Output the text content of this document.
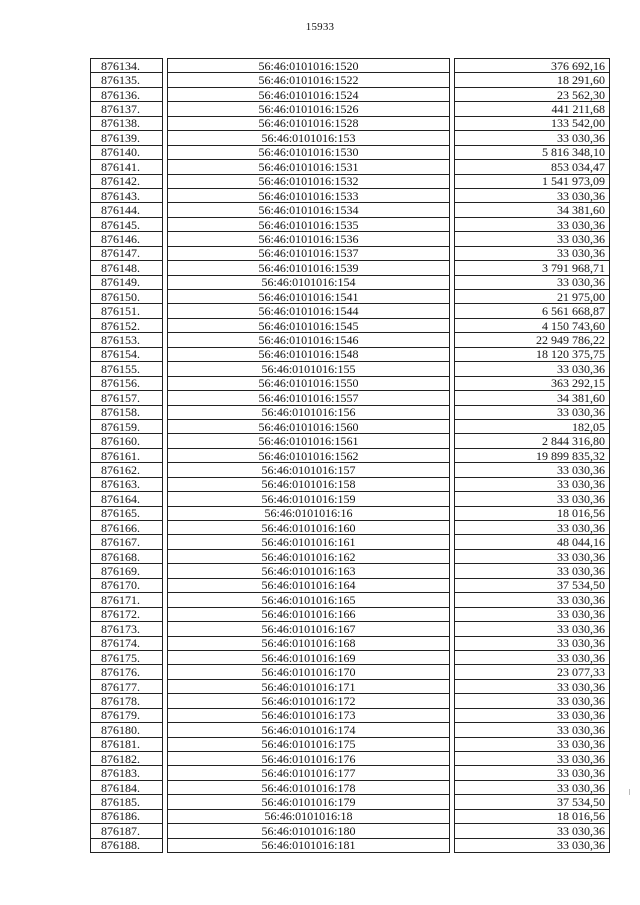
15933
876134.		56:46:0101016:1520		376 692,16
876135.		56:46:0101016:1522		18 291,60
876136.		56:46:0101016:1524		23 562,30
876137.		56:46:0101016:1526		441 211,68
876138.		56:46:0101016:1528		133 542,00
876139.		56:46:0101016:153		33 030,36
876140.		56:46:0101016:1530		5 816 348,10
876141.		56:46:0101016:1531		853 034,47
876142.		56:46:0101016:1532		1 541 973,09
876143.		56:46:0101016:1533		33 030,36
876144.		56:46:0101016:1534		34 381,60
876145.		56:46:0101016:1535		33 030,36
876146.		56:46:0101016:1536		33 030,36
876147.		56:46:0101016:1537		33 030,36
876148.		56:46:0101016:1539		3 791 968,71
876149.		56:46:0101016:154		33 030,36
876150.		56:46:0101016:1541		21 975,00
876151.		56:46:0101016:1544		6 561 668,87
876152.		56:46:0101016:1545		4 150 743,60
876153.		56:46:0101016:1546		22 949 786,22
876154.		56:46:0101016:1548		18 120 375,75
876155.		56:46:0101016:155		33 030,36
876156.		56:46:0101016:1550		363 292,15
876157.		56:46:0101016:1557		34 381,60
876158.		56:46:0101016:156		33 030,36
876159.		56:46:0101016:1560		182,05
876160.		56:46:0101016:1561		2 844 316,80
876161.		56:46:0101016:1562		19 899 835,32
876162.		56:46:0101016:157		33 030,36
876163.		56:46:0101016:158		33 030,36
876164.		56:46:0101016:159		33 030,36
876165.		56:46:0101016:16		18 016,56
876166.		56:46:0101016:160		33 030,36
876167.		56:46:0101016:161		48 044,16
876168.		56:46:0101016:162		33 030,36
876169.		56:46:0101016:163		33 030,36
876170.		56:46:0101016:164		37 534,50
876171.		56:46:0101016:165		33 030,36
876172.		56:46:0101016:166		33 030,36
876173.		56:46:0101016:167		33 030,36
876174.		56:46:0101016:168		33 030,36
876175.		56:46:0101016:169		33 030,36
876176.		56:46:0101016:170		23 077,33
876177.		56:46:0101016:171		33 030,36
876178.		56:46:0101016:172		33 030,36
876179.		56:46:0101016:173		33 030,36
876180.		56:46:0101016:174		33 030,36
876181.		56:46:0101016:175		33 030,36
876182.		56:46:0101016:176		33 030,36
876183.		56:46:0101016:177		33 030,36
876184.		56:46:0101016:178		33 030,36
876185.		56:46:0101016:179		37 534,50
876186.		56:46:0101016:18		18 016,56
876187.		56:46:0101016:180		33 030,36
876188.		56:46:0101016:181		33 030,36
